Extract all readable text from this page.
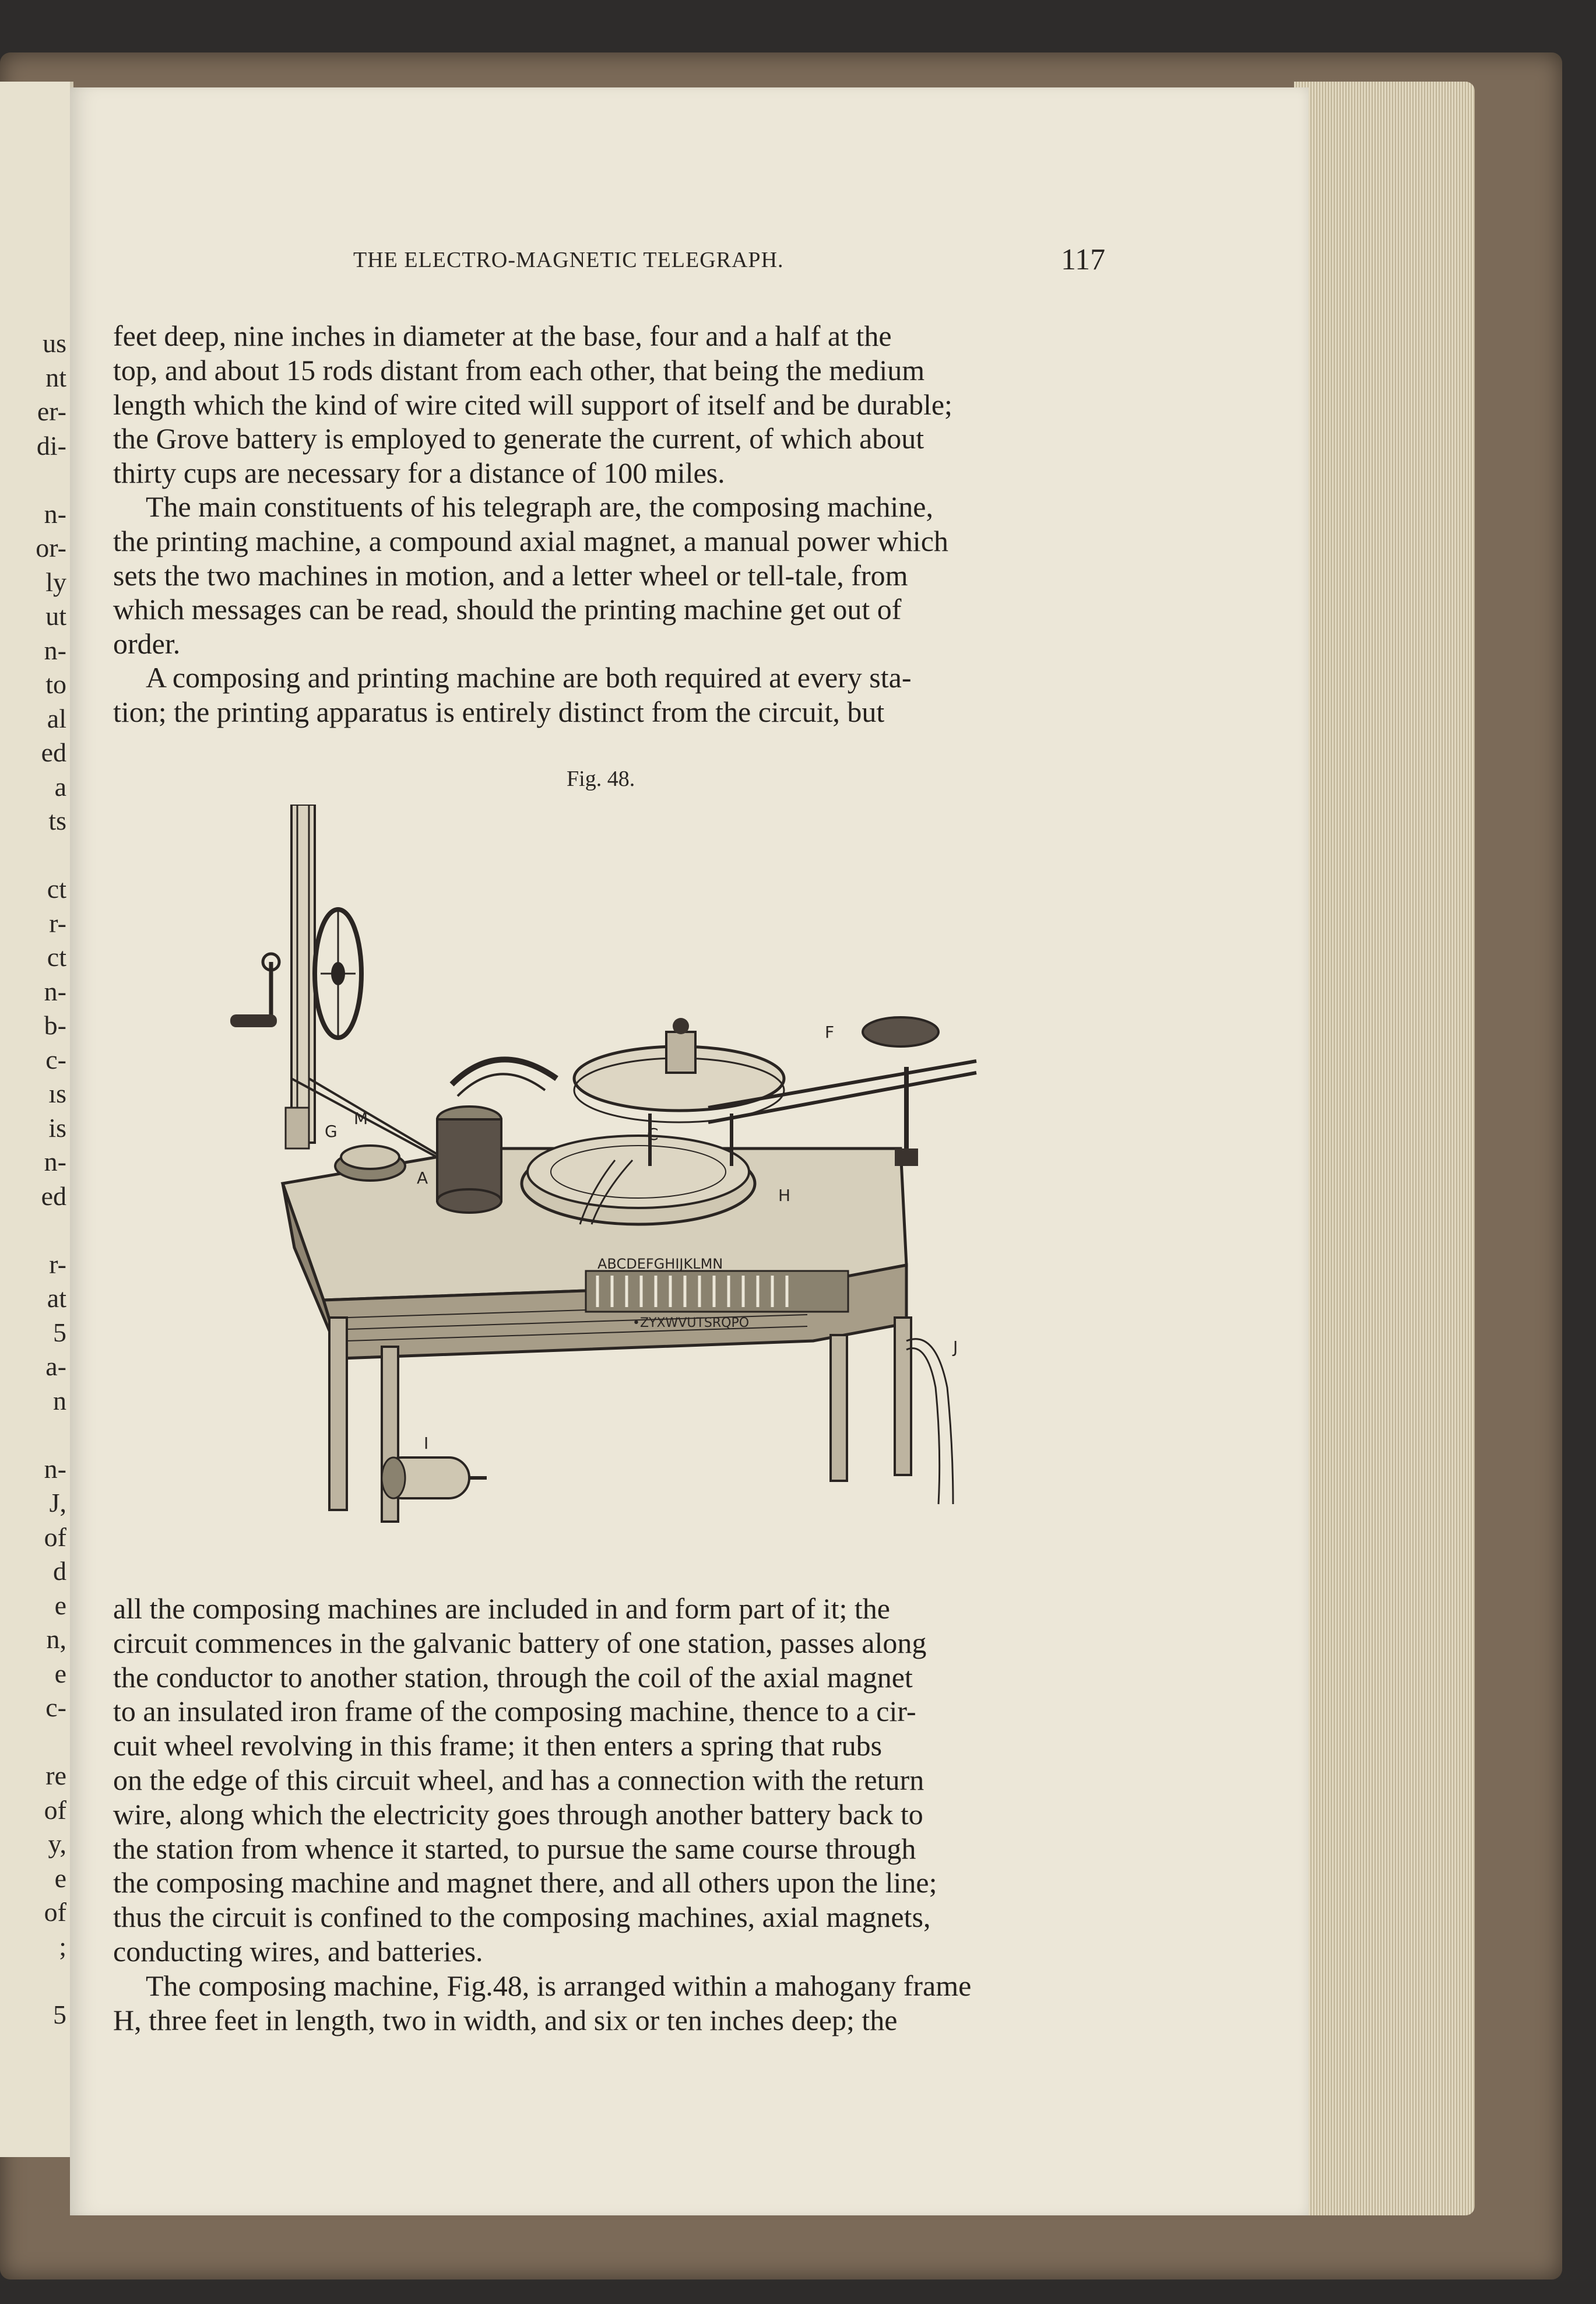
us
nt
er-
di-

n-
or-
ly
ut
n-
to
al
ed
a
ts

ct
r-
ct
n-
b-
c-
ıs
is
n-
ed

r-
at
5
a-
n

n-
J,
of
d
e
n,
e
c-

re
of
y,
e
of
;

5
THE ELECTRO-MAGNETIC TELEGRAPH.	117
feet deep, nine inches in diameter at the base, four and a half at the
top, and about 15 rods distant from each other, that being the medium
length which the kind of wire cited will support of itself and be durable;
the Grove battery is employed to generate the current, of which about
thirty cups are necessary for a distance of 100 miles.
The main constituents of his telegraph are, the composing machine,
the printing machine, a compound axial magnet, a manual power which
sets the two machines in motion, and a letter wheel or tell-tale, from
which messages can be read, should the printing machine get out of
order.
A composing and printing machine are both required at every sta-
tion; the printing apparatus is entirely distinct from the circuit, but
Fig. 48.
G
ABCDEFGHIJKLMN
•ZYXWVUTSRQPO
H
C
F
A
M
I
J
all the composing machines are included in and form part of it; the
circuit commences in the galvanic battery of one station, passes along
the conductor to another station, through the coil of the axial magnet
to an insulated iron frame of the composing machine, thence to a cir-
cuit wheel revolving in this frame; it then enters a spring that rubs
on the edge of this circuit wheel, and has a connection with the return
wire, along which the electricity goes through another battery back to
the station from whence it started, to pursue the same course through
the composing machine and magnet there, and all others upon the line;
thus the circuit is confined to the composing machines, axial magnets,
conducting wires, and batteries.
The composing machine, Fig.48, is arranged within a mahogany frame
H, three feet in length, two in width, and six or ten inches deep; the
